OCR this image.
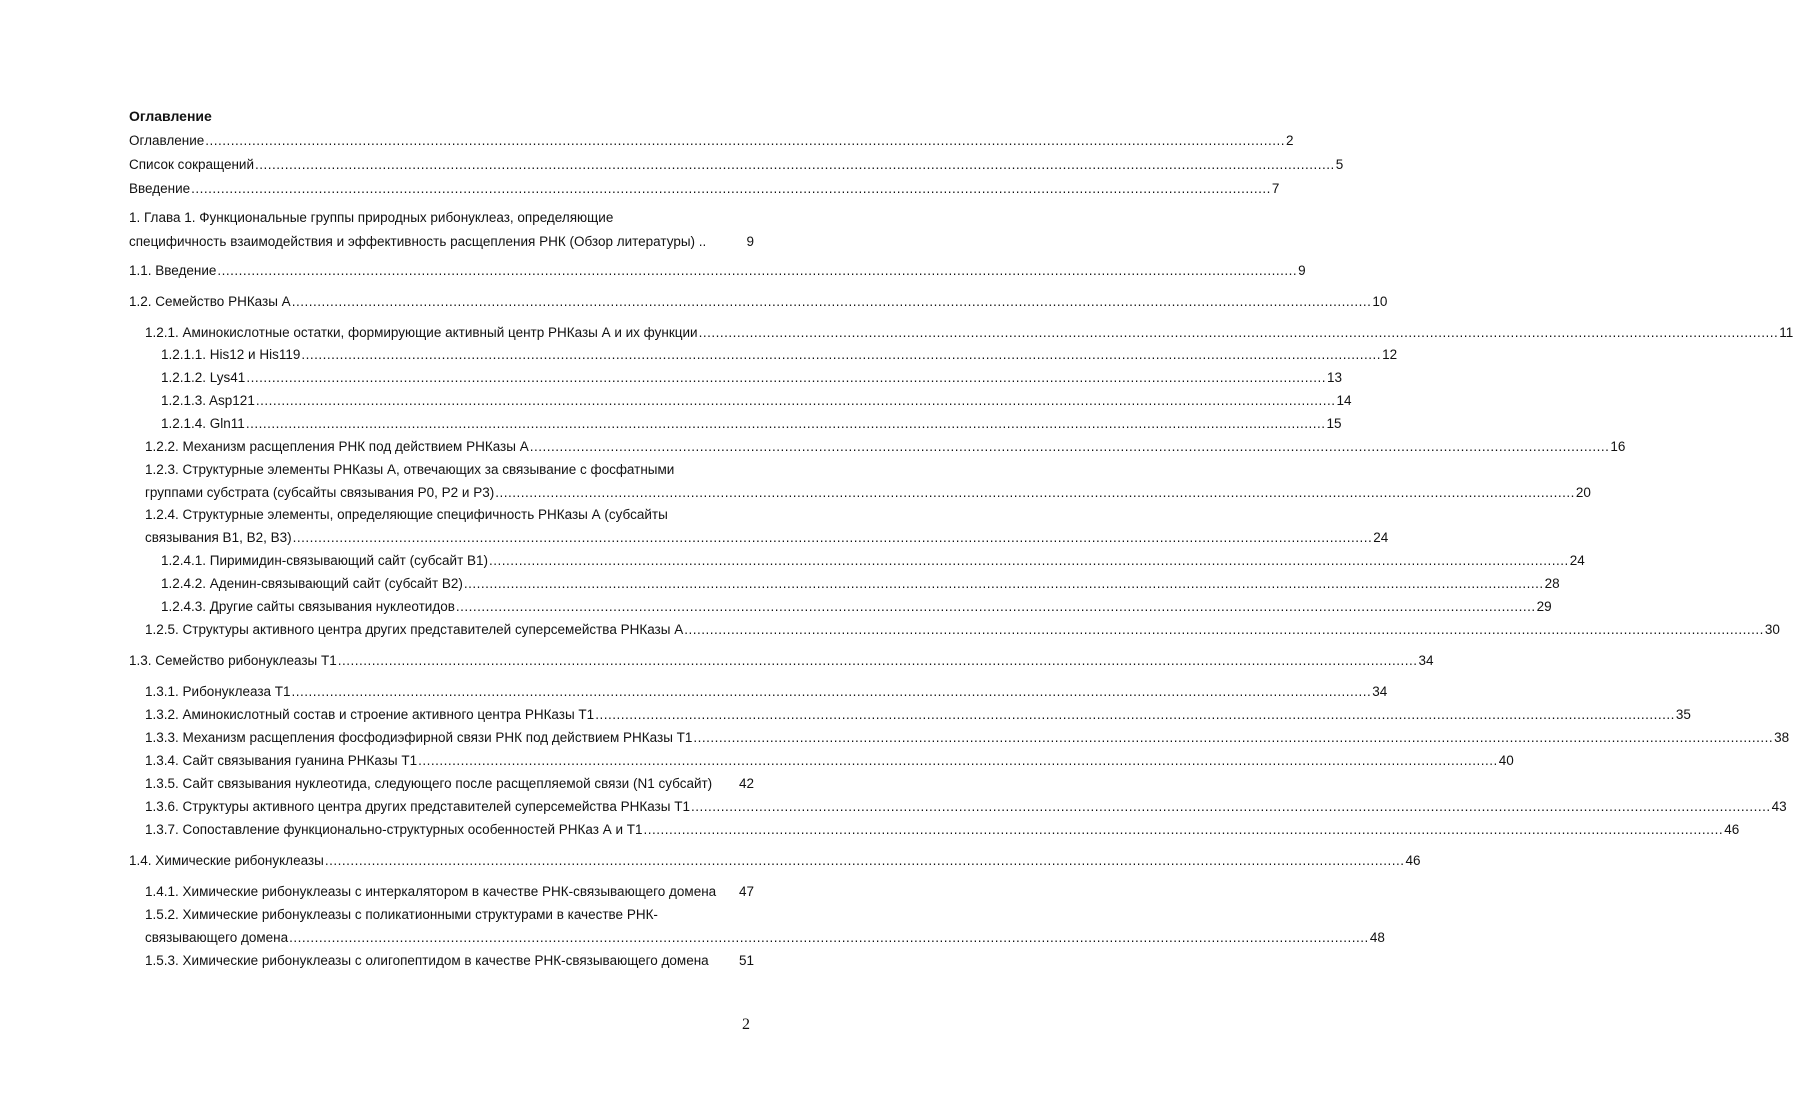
Оглавление
Оглавление .....	2
Список сокращений .....	5
Введение .....	7
1. Глава 1. Функциональные группы природных рибонуклеаз, определяющие
специфичность взаимодействия и эффективность расщепления РНК (Обзор литературы) ..	9
1.1. Введение .....	9
1.2. Семейство РНКазы А .....	10
1.2.1. Аминокислотные остатки, формирующие активный центр РНКазы А и их функции .....	11
1.2.1.1. His12 и His119 .....	12
1.2.1.2. Lys41 .....	13
1.2.1.3. Asp121 .....	14
1.2.1.4. Gln11 .....	15
1.2.2. Механизм расщепления РНК под действием РНКазы А .....	16
1.2.3. Структурные элементы РНКазы А, отвечающих за связывание с фосфатными
группами субстрата (субсайты связывания P0, P2 и P3) .....	20
1.2.4. Структурные элементы, определяющие специфичность РНКазы А (субсайты
связывания B1, B2, B3) .....	24
1.2.4.1. Пиримидин-связывающий сайт (субсайт B1) .....	24
1.2.4.2. Аденин-связывающий сайт (субсайт B2) .....	28
1.2.4.3. Другие сайты связывания нуклеотидов .....	29
1.2.5. Структуры активного центра других представителей суперсемейства РНКазы А .....	30
1.3. Семейство рибонуклеазы Т1 .....	34
1.3.1. Рибонуклеаза Т1 .....	34
1.3.2. Аминокислотный состав и строение активного центра РНКазы Т1 .....	35
1.3.3. Механизм расщепления фосфодиэфирной связи РНК под действием РНКазы Т1 .....	38
1.3.4. Сайт связывания гуанина РНКазы Т1 .....	40
1.3.5. Сайт связывания нуклеотида, следующего после расщепляемой связи (N1 субсайт) 42
1.3.6. Структуры активного центра других представителей суперсемейства РНКазы Т1 .....	43
1.3.7. Сопоставление функционально-структурных особенностей РНКаз А и Т1 .....	46
1.4. Химические рибонуклеазы .....	46
1.4.1. Химические рибонуклеазы с интеркалятором в качестве РНК-связывающего домена 47
1.5.2. Химические рибонуклеазы с поликатионными структурами в качестве РНК-
связывающего домена .....	48
1.5.3. Химические рибонуклеазы с олигопептидом в качестве РНК-связывающего домена 51
2
